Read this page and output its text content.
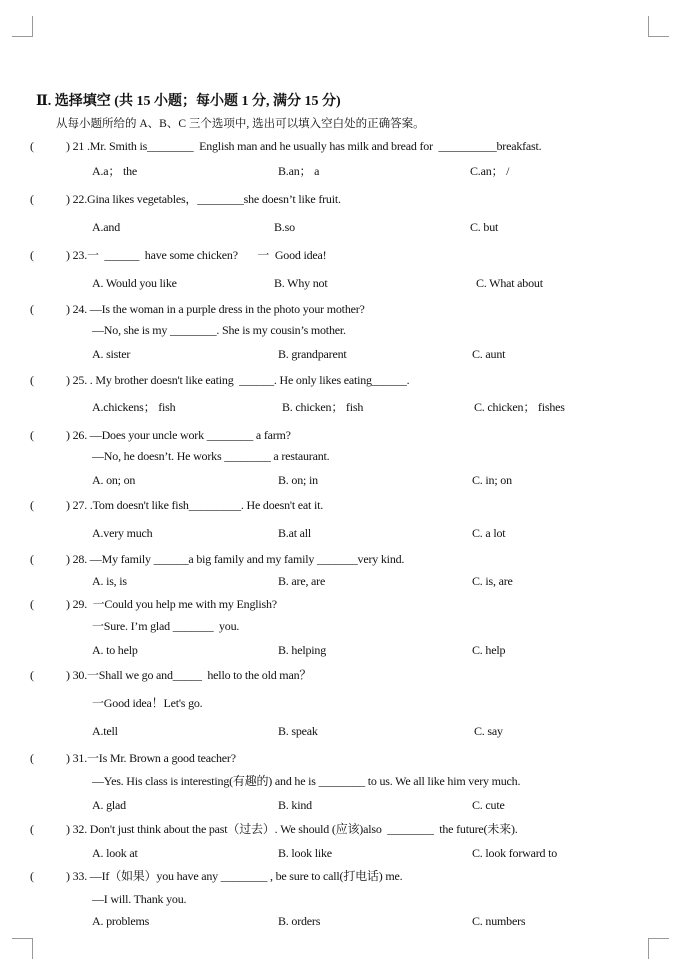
Ⅱ. 选择填空 (共 15 小题；每小题 1 分, 满分 15 分)
从每小题所给的 A、B、C 三个选项中, 选出可以填入空白处的正确答案。
(	) 21 .Mr. Smith is________  English man and he usually has milk and bread for  __________breakfast.
A.a； the	B.an； a	C.an； /
(	) 22.Gina likes vegetables，________she doesn’t like fruit.
A.and	B.so	C. but
(	) 23.一  ______  have some chicken?       一  Good idea!
A. Would you like	B. Why not	C. What about
(	) 24. —Is the woman in a purple dress in the photo your mother?
—No, she is my ________. She is my cousin’s mother.
A. sister	B. grandparent	C. aunt
(	) 25. . My brother doesn't like eating  ______. He only likes eating______.
A.chickens； fish	B. chicken； fish	C. chicken； fishes
(	) 26. —Does your uncle work ________ a farm?
—No, he doesn’t. He works ________ a restaurant.
A. on; on	B. on; in	C. in; on
(	) 27. .Tom doesn't like fish_________. He doesn't eat it.
A.very much	B.at all	C. a lot
(	) 28. —My family ______a big family and my family _______very kind.
A. is, is	B. are, are	C. is, are
(	) 29.  一Could you help me with my English?
一Sure. I’m glad _______  you.
A. to help	B. helping	C. help
(	) 30.一Shall we go and_____  hello to the old man？
一Good idea！Let's go.
A.tell	B. speak	C. say
(	) 31.一Is Mr. Brown a good teacher?
—Yes. His class is interesting(有趣的) and he is ________ to us. We all like him very much.
A. glad	B. kind	C. cute
(	) 32. Don't just think about the past（过去）. We should (应该)also  ________  the future(未来).
A. look at	B. look like	C. look forward to
(	) 33. —If（如果）you have any ________ , be sure to call(打电话) me.
—I will. Thank you.
A. problems	B. orders	C. numbers
